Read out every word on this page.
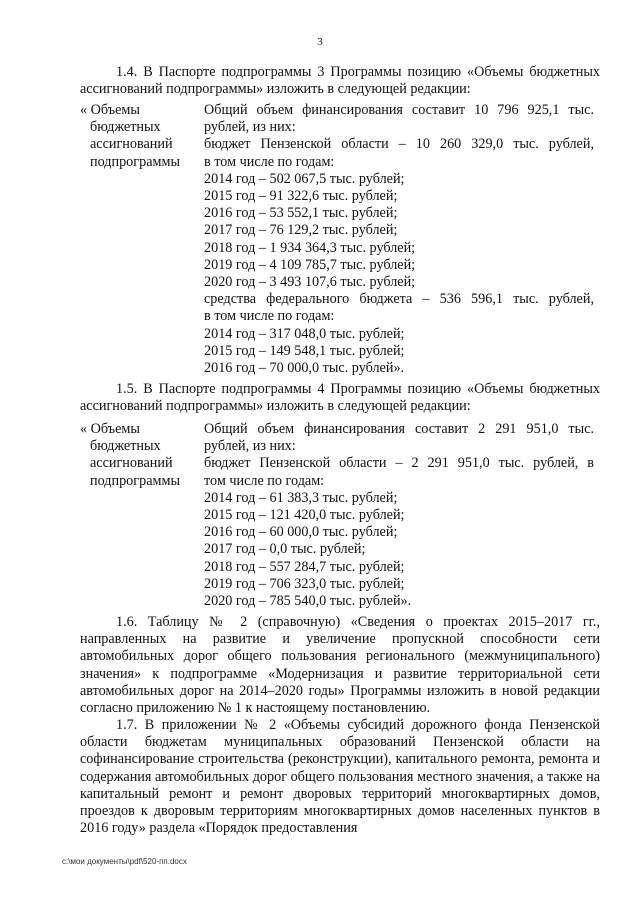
3

1.4. В Паспорте подпрограммы 3 Программы позицию «Объемы бюджетных ассигнований подпрограммы» изложить в следующей редакции:

« Объемы
бюджетных
ассигнований
подпрограммы
Общий объем финансирования составит 10 796 925,1 тыс.
рублей, из них:
бюджет Пензенской области – 10 260 329,0 тыс. рублей,
в том числе по годам:
2014 год – 502 067,5 тыс. рублей;
2015 год – 91 322,6 тыс. рублей;
2016 год – 53 552,1 тыс. рублей;
2017 год – 76 129,2 тыс. рублей;
2018 год – 1 934 364,3 тыс. рублей;
2019 год – 4 109 785,7 тыс. рублей;
2020 год – 3 493 107,6 тыс. рублей;
средства федерального бюджета – 536 596,1 тыс. рублей,
в том числе по годам:
2014 год – 317 048,0 тыс. рублей;
2015 год – 149 548,1 тыс. рублей;
2016 год – 70 000,0 тыс. рублей».

1.5. В Паспорте подпрограммы 4 Программы позицию «Объемы бюджетных ассигнований подпрограммы» изложить в следующей редакции:

« Объемы
бюджетных
ассигнований
подпрограммы
Общий объем финансирования составит 2 291 951,0 тыс.
рублей, из них:
бюджет Пензенской области – 2 291 951,0 тыс. рублей, в
том числе по годам:
2014 год – 61 383,3 тыс. рублей;
2015 год – 121 420,0 тыс. рублей;
2016 год – 60 000,0 тыс. рублей;
2017 год – 0,0 тыс. рублей;
2018 год – 557 284,7 тыс. рублей;
2019 год – 706 323,0 тыс. рублей;
2020 год – 785 540,0 тыс. рублей».

1.6. Таблицу № 2 (справочную) «Сведения о проектах 2015–2017 гг., направленных на развитие и увеличение пропускной способности сети автомобильных дорог общего пользования регионального (межмуниципального) значения» к подпрограмме «Модернизация и развитие территориальной сети автомобильных дорог на 2014–2020 годы» Программы изложить в новой редакции согласно приложению № 1 к настоящему постановлению.

1.7. В приложении № 2 «Объемы субсидий дорожного фонда Пензенской области бюджетам муниципальных образований Пензенской области на софинансирование строительства (реконструкции), капитального ремонта, ремонта и содержания автомобильных дорог общего пользования местного значения, а также на капитальный ремонт и ремонт дворовых территорий многоквартирных домов, проездов к дворовым территориям многоквартирных домов населенных пунктов в 2016 году» раздела «Порядок предоставления

c:\мои документы\pdf\520-пп.docx
